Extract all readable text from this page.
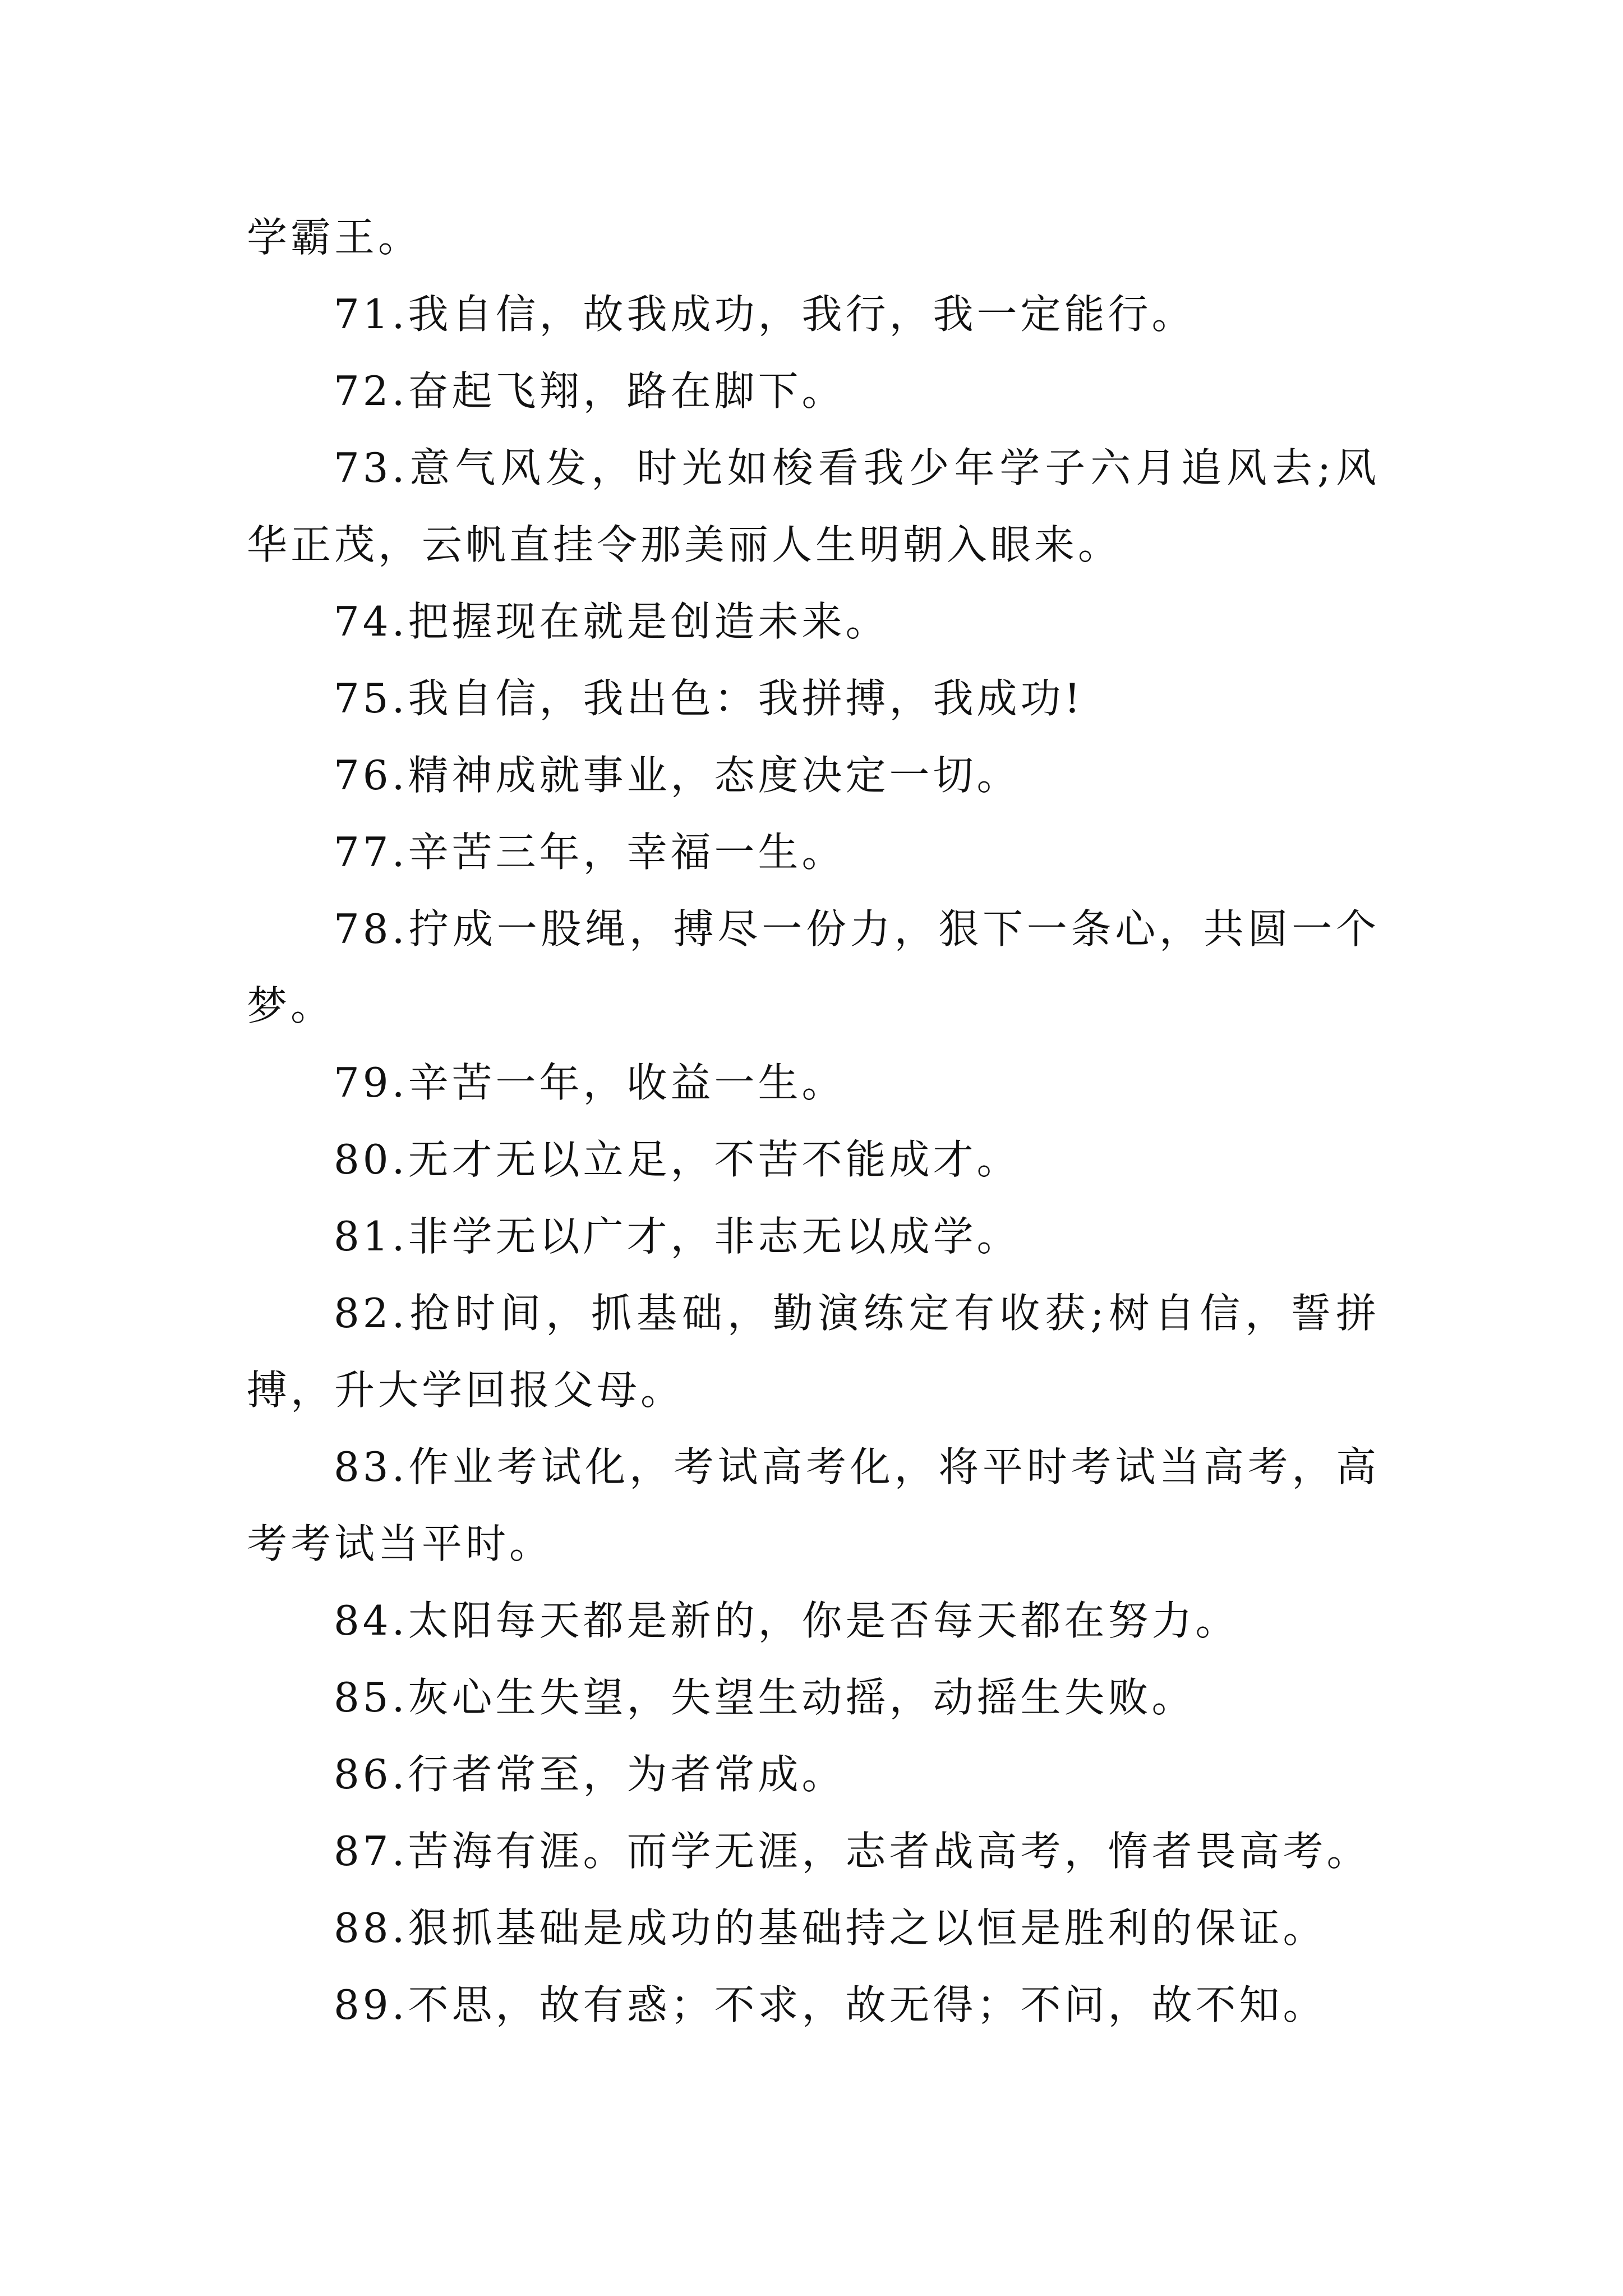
学霸王。

71.我自信，故我成功，我行，我一定能行。

72.奋起飞翔，路在脚下。

73.意气风发，时光如梭看我少年学子六月追风去;风华正茂，云帆直挂令那美丽人生明朝入眼来。

74.把握现在就是创造未来。

75.我自信，我出色：我拼搏，我成功!

76.精神成就事业，态度决定一切。

77.辛苦三年，幸福一生。

78.拧成一股绳，搏尽一份力，狠下一条心，共圆一个梦。

79.辛苦一年，收益一生。

80.无才无以立足，不苦不能成才。

81.非学无以广才，非志无以成学。

82.抢时间，抓基础，勤演练定有收获;树自信，誓拼搏，升大学回报父母。

83.作业考试化，考试高考化，将平时考试当高考，高考考试当平时。

84.太阳每天都是新的，你是否每天都在努力。

85.灰心生失望，失望生动摇，动摇生失败。

86.行者常至，为者常成。

87.苦海有涯。而学无涯，志者战高考，惰者畏高考。

88.狠抓基础是成功的基础持之以恒是胜利的保证。

89.不思，故有惑；不求，故无得；不问，故不知。
